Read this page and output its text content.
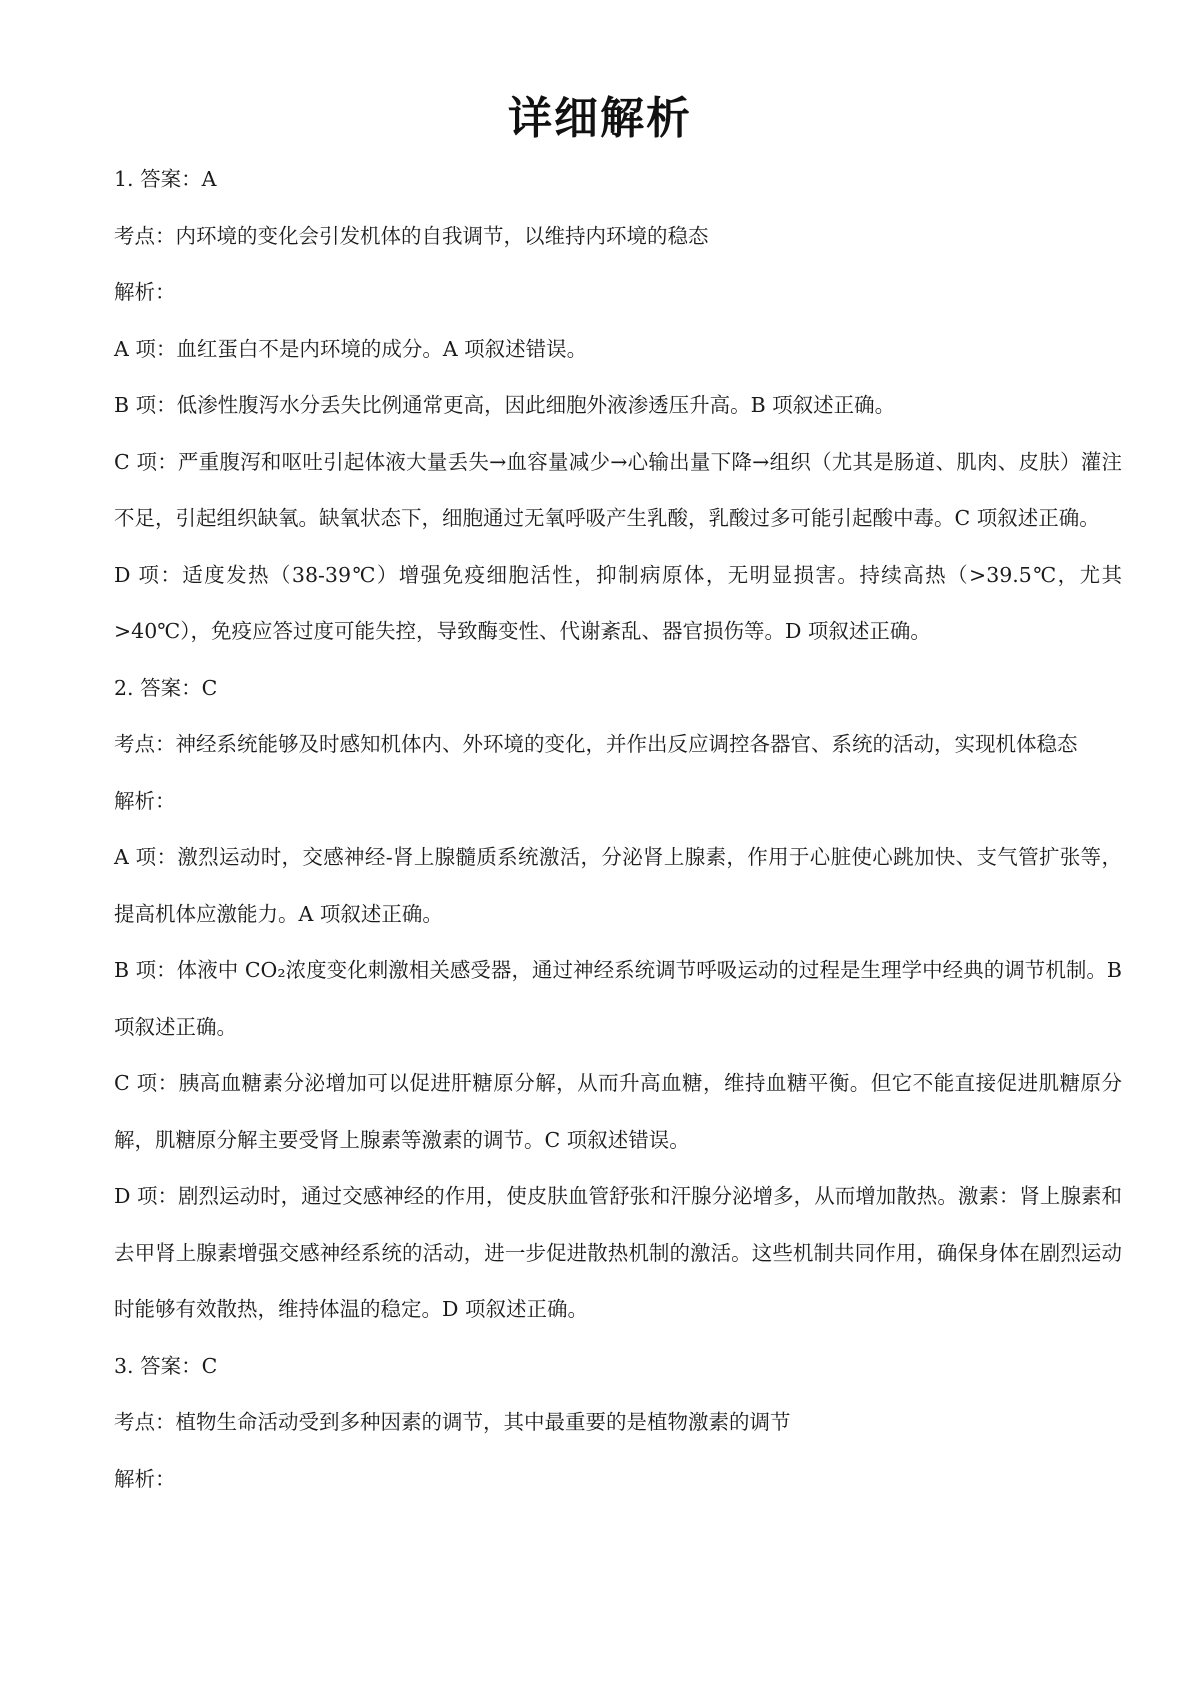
详细解析

1. 答案：A

考点：内环境的变化会引发机体的自我调节，以维持内环境的稳态

解析：

A 项：血红蛋白不是内环境的成分。A 项叙述错误。

B 项：低渗性腹泻水分丢失比例通常更高，因此细胞外液渗透压升高。B 项叙述正确。

C 项：严重腹泻和呕吐引起体液大量丢失→血容量减少→心输出量下降→组织（尤其是肠道、肌肉、皮肤）灌注不足，引起组织缺氧。缺氧状态下，细胞通过无氧呼吸产生乳酸，乳酸过多可能引起酸中毒。C 项叙述正确。

D 项：适度发热（38-39℃）增强免疫细胞活性，抑制病原体，无明显损害。持续高热（>39.5℃，尤其>40℃），免疫应答过度可能失控，导致酶变性、代谢紊乱、器官损伤等。D 项叙述正确。

2. 答案：C

考点：神经系统能够及时感知机体内、外环境的变化，并作出反应调控各器官、系统的活动，实现机体稳态

解析：

A 项：激烈运动时，交感神经-肾上腺髓质系统激活，分泌肾上腺素，作用于心脏使心跳加快、支气管扩张等，提高机体应激能力。A 项叙述正确。

B 项：体液中 CO₂浓度变化刺激相关感受器，通过神经系统调节呼吸运动的过程是生理学中经典的调节机制。B 项叙述正确。

C 项：胰高血糖素分泌增加可以促进肝糖原分解，从而升高血糖，维持血糖平衡。但它不能直接促进肌糖原分解，肌糖原分解主要受肾上腺素等激素的调节。C 项叙述错误。

D 项：剧烈运动时，通过交感神经的作用，使皮肤血管舒张和汗腺分泌增多，从而增加散热。激素：肾上腺素和去甲肾上腺素增强交感神经系统的活动，进一步促进散热机制的激活。这些机制共同作用，确保身体在剧烈运动时能够有效散热，维持体温的稳定。D 项叙述正确。

3. 答案：C

考点：植物生命活动受到多种因素的调节，其中最重要的是植物激素的调节

解析：
